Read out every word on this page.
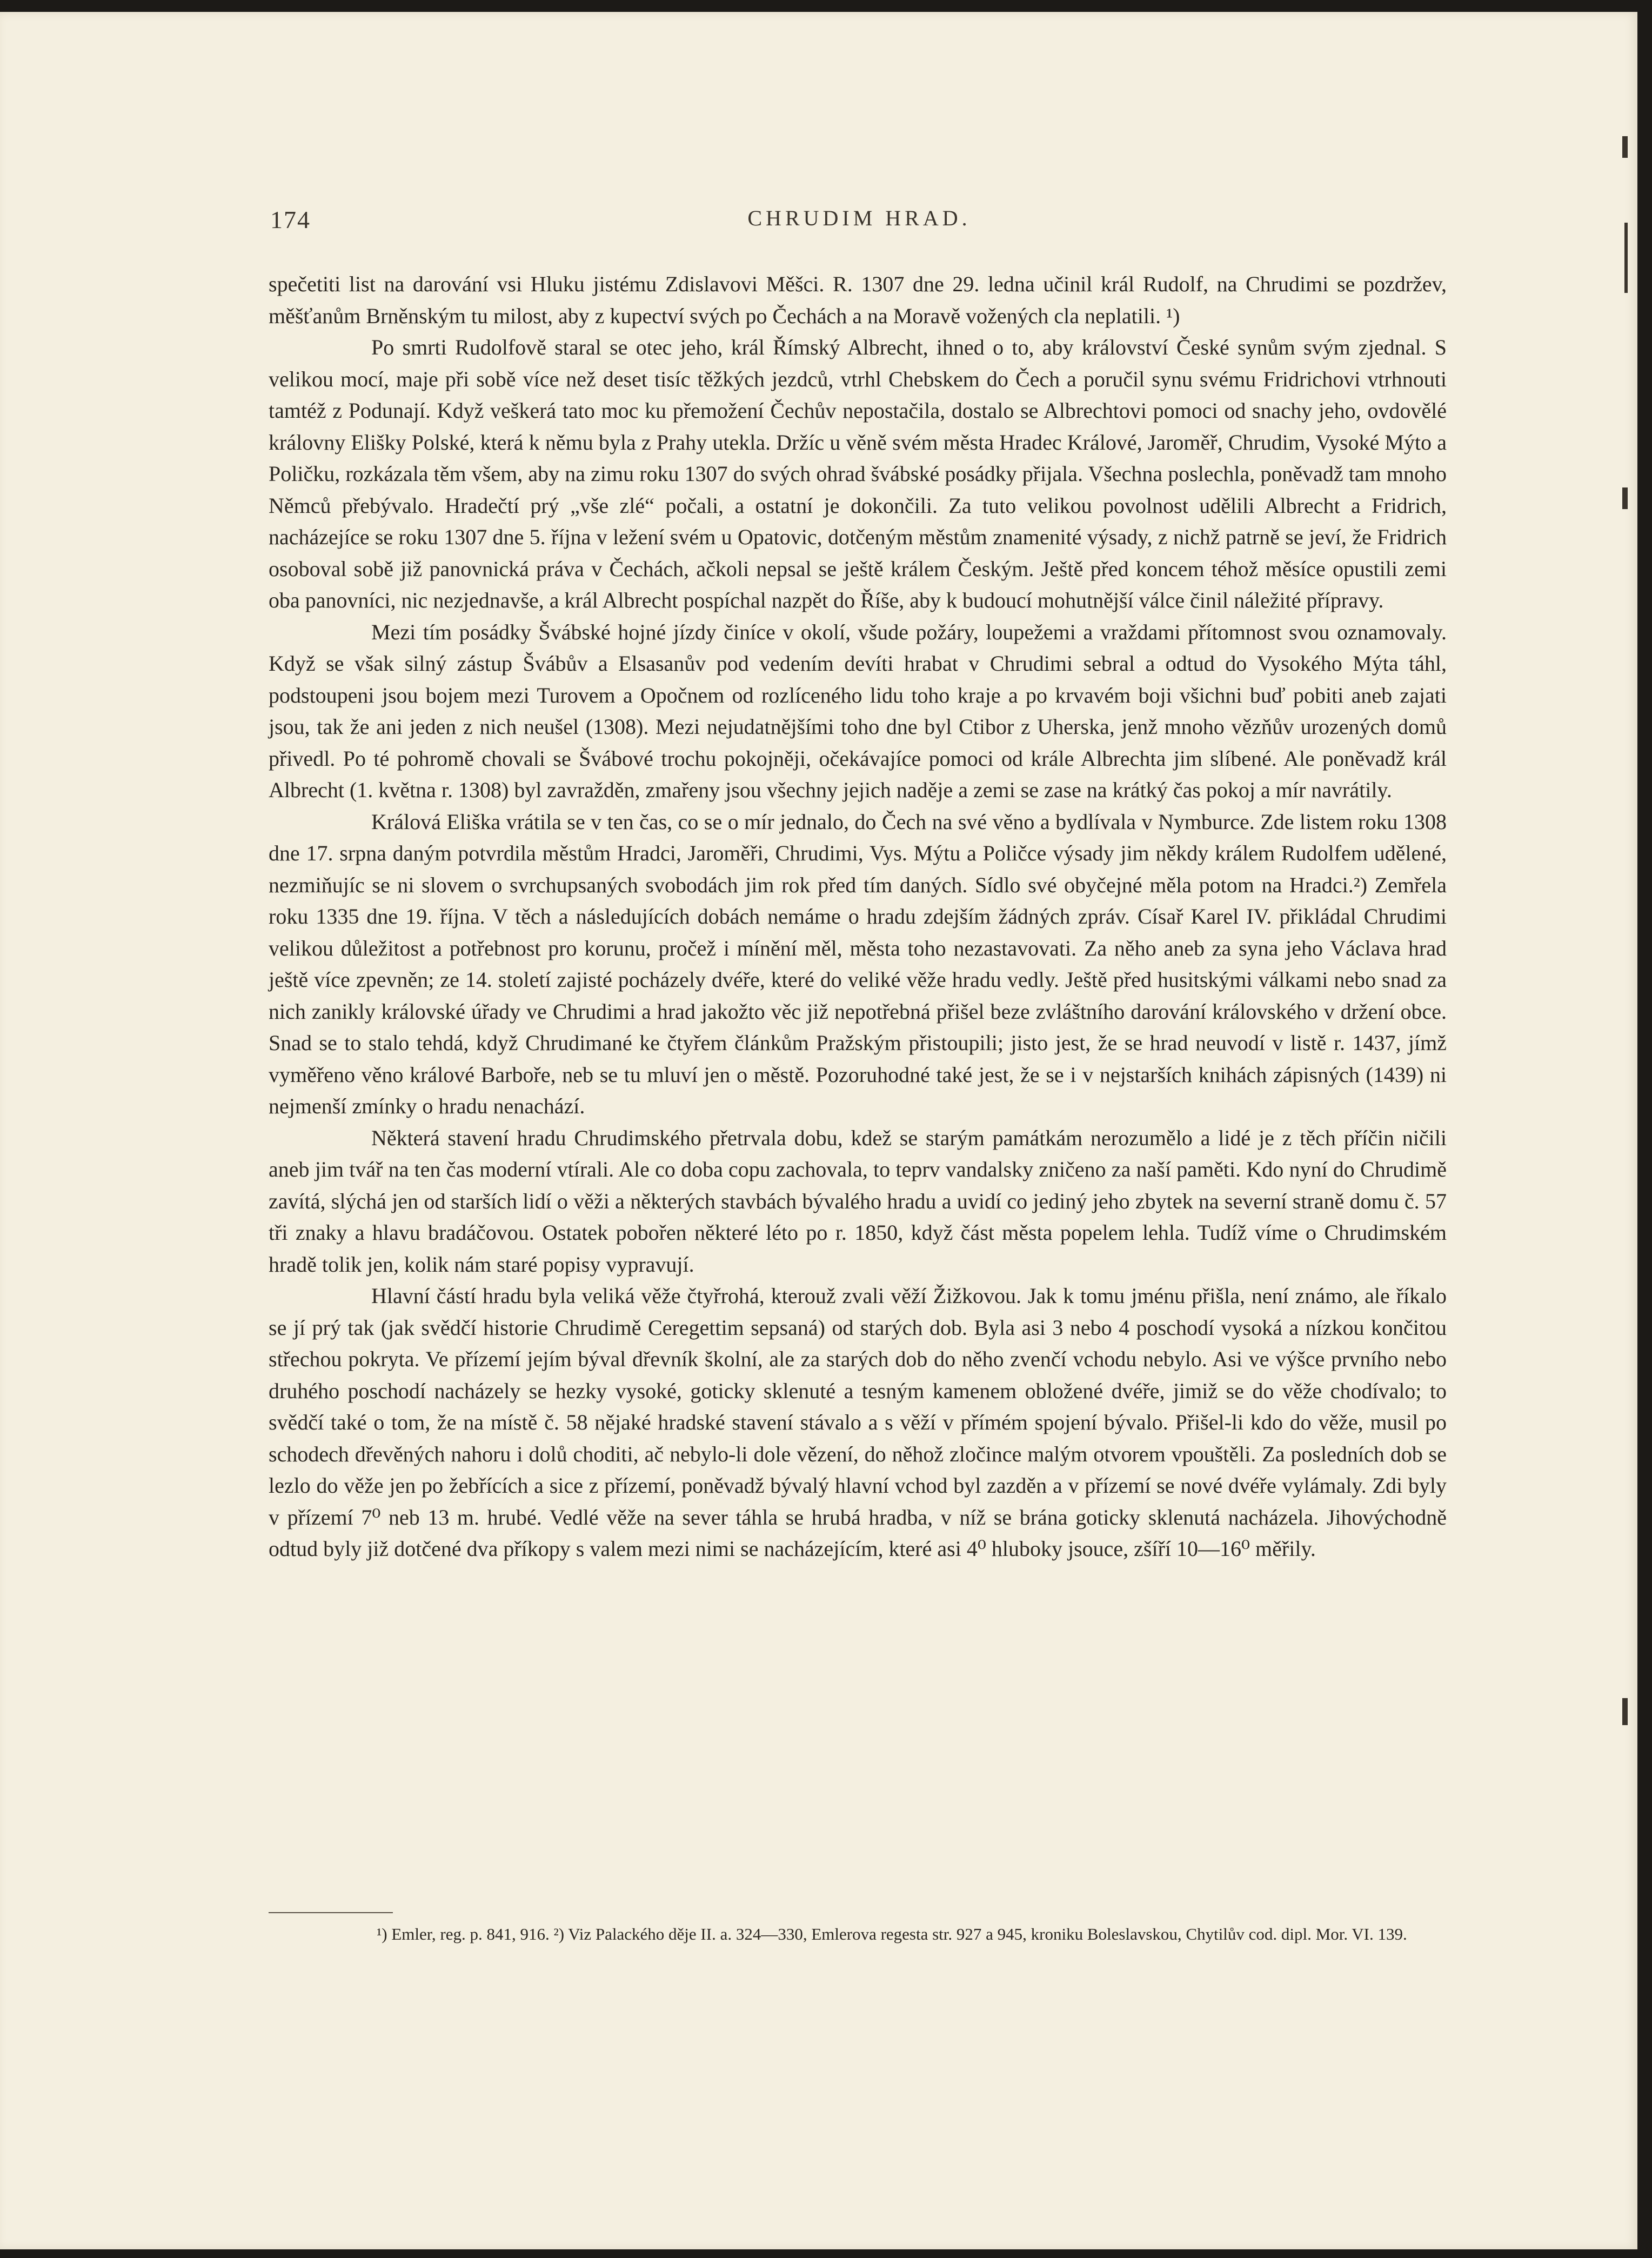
174	CHRUDIM HRAD.

spečetiti list na darování vsi Hluku jistému Zdislavovi Měšci. R. 1307 dne 29. ledna učinil král Rudolf, na Chrudimi se pozdržev, měšťanům Brněnským tu milost, aby z kupectví svých po Čechách a na Moravě vožených cla neplatili. ¹)

Po smrti Rudolfově staral se otec jeho, král Římský Albrecht, ihned o to, aby království České synům svým zjednal. S velikou mocí, maje při sobě více než deset tisíc těžkých jezdců, vtrhl Chebskem do Čech a poručil synu svému Fridrichovi vtrhnouti tamtéž z Podunají. Když veškerá tato moc ku přemožení Čechův nepostačila, dostalo se Albrechtovi pomoci od snachy jeho, ovdovělé královny Elišky Polské, která k němu byla z Prahy utekla. Držíc u věně svém města Hradec Králové, Jaroměř, Chrudim, Vysoké Mýto a Poličku, rozkázala těm všem, aby na zimu roku 1307 do svých ohrad švábské posádky přijala. Všechna poslechla, poněvadž tam mnoho Němců přebývalo. Hradečtí prý „vše zlé“ počali, a ostatní je dokončili. Za tuto velikou povolnost udělili Albrecht a Fridrich, nacházejíce se roku 1307 dne 5. října v ležení svém u Opatovic, dotčeným městům znamenité výsady, z nichž patrně se jeví, že Fridrich osoboval sobě již panovnická práva v Čechách, ačkoli nepsal se ještě králem Českým. Ještě před koncem téhož měsíce opustili zemi oba panovníci, nic nezjednavše, a král Albrecht pospíchal nazpět do Říše, aby k budoucí mohutnější válce činil náležité přípravy.

Mezi tím posádky Švábské hojné jízdy činíce v okolí, všude požáry, loupežemi a vraždami přítomnost svou oznamovaly. Když se však silný zástup Švábův a Elsasanův pod vedením devíti hrabat v Chrudimi sebral a odtud do Vysokého Mýta táhl, podstoupeni jsou bojem mezi Turovem a Opočnem od rozlíceného lidu toho kraje a po krvavém boji všichni buď pobiti aneb zajati jsou, tak že ani jeden z nich neušel (1308). Mezi nejudatnějšími toho dne byl Ctibor z Uherska, jenž mnoho vězňův urozených domů přivedl. Po té pohromě chovali se Švábové trochu pokojněji, očekávajíce pomoci od krále Albrechta jim slíbené. Ale poněvadž král Albrecht (1. května r. 1308) byl zavražděn, zmařeny jsou všechny jejich naděje a zemi se zase na krátký čas pokoj a mír navrátily.

Králová Eliška vrátila se v ten čas, co se o mír jednalo, do Čech na své věno a bydlívala v Nymburce. Zde listem roku 1308 dne 17. srpna daným potvrdila městům Hradci, Jaroměři, Chrudimi, Vys. Mýtu a Poličce výsady jim někdy králem Rudolfem udělené, nezmiňujíc se ni slovem o svrchupsaných svobodách jim rok před tím daných. Sídlo své obyčejné měla potom na Hradci.²) Zemřela roku 1335 dne 19. října. V těch a následujících dobách nemáme o hradu zdejším žádných zpráv. Císař Karel IV. přikládal Chrudimi velikou důležitost a potřebnost pro korunu, pročež i mínění měl, města toho nezastavovati. Za něho aneb za syna jeho Václava hrad ještě více zpevněn; ze 14. století zajisté pocházely dvéře, které do veliké věže hradu vedly. Ještě před husitskými válkami nebo snad za nich zanikly královské úřady ve Chrudimi a hrad jakožto věc již nepotřebná přišel bezе zvláštního darování královského v držení obce. Snad se to stalo tehdá, když Chrudimané ke čtyřem článkům Pražským přistoupili; jisto jest, že se hrad neuvodí v listě r. 1437, jímž vyměřeno věno králové Barboře, neb se tu mluví jen o městě. Pozoruhodné také jest, že se i v nejstarších knihách zápisných (1439) ni nejmenší zmínky o hradu nenachází.

Některá stavení hradu Chrudimského přetrvala dobu, kdež se starým památkám nerozumělo a lidé je z těch příčin ničili aneb jim tvář na ten čas moderní vtírali. Ale co doba copu zachovala, to teprv vandalsky zničeno za naší paměti. Kdo nyní do Chrudimě zavítá, slýchá jen od starších lidí o věži a některých stavbách bývalého hradu a uvidí co jediný jeho zbytek na severní straně domu č. 57 tři znaky a hlavu bradáčovou. Ostatek pobořen některé léto po r. 1850, když část města popelem lehla. Tudíž víme o Chrudimském hradě tolik jen, kolik nám staré popisy vypravují.

Hlavní částí hradu byla veliká věže čtyřrohá, kterouž zvali věží Žižkovou. Jak k tomu jménu přišla, není známo, ale říkalo se jí prý tak (jak svědčí historie Chrudimě Ceregettim sepsaná) od starých dob. Byla asi 3 nebo 4 poschodí vysoká a nízkou končitou střechou pokryta. Ve přízemí jejím býval dřevník školní, ale za starých dob do něho zvenčí vchodu nebylo. Asi ve výšce prvního nebo druhého poschodí nacházely se hezky vysoké, goticky sklenuté a tesným kamenem obložené dvéře, jimiž se do věže chodívalo; to svědčí také o tom, že na místě č. 58 nějaké hradské stavení stávalo a s věží v přímém spojení bývalo. Přišel-li kdo do věže, musil po schodech dřevěných nahoru i dolů choditi, ač nebylo-li dole vězení, do něhož zločince malým otvorem vpouštěli. Za posledních dob se lezlo do věže jen po žebřících a sice z přízemí, poněvadž bývalý hlavní vchod byl zazděn a v přízemí se nové dvéře vylámaly. Zdi byly v přízemí 7⁰ neb 13 m. hrubé. Vedlé věže na sever táhla se hrubá hradba, v níž se brána goticky sklenutá nacházela. Jihovýchodně odtud byly již dotčené dva příkopy s valem mezi nimi se nacházejícím, které asi 4⁰ hluboky jsouce, zšíří 10—16⁰ měřily.

¹) Emler, reg. p. 841, 916. ²) Viz Palackého děje II. a. 324—330, Emlerova regesta str. 927 a 945, kroniku Boleslavskou, Chytilův cod. dipl. Mor. VI. 139.
